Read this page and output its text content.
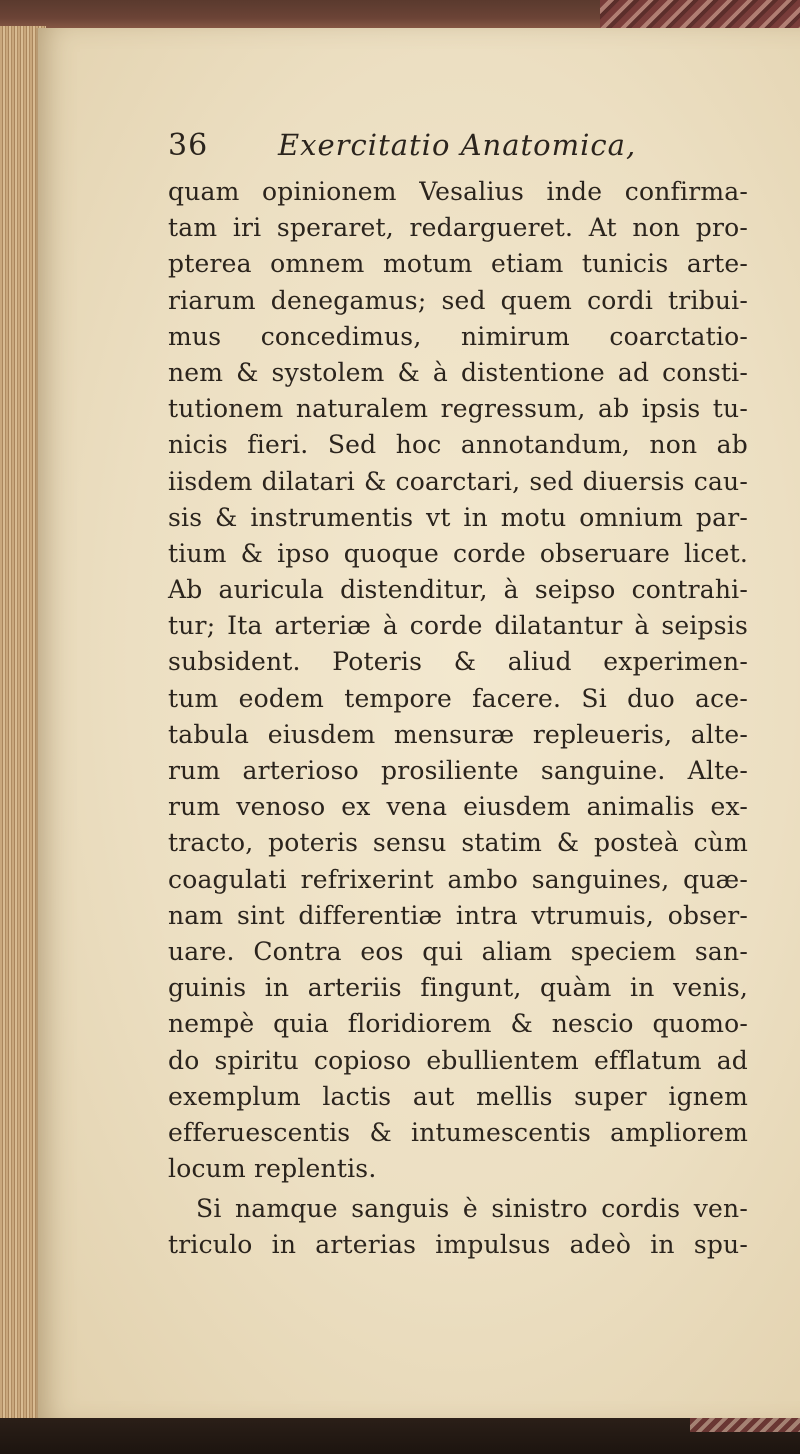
36	Exercitatio Anatomica,
quam opinionem Vesalius inde confirma-
tam iri speraret, redargueret. At non pro-
pterea omnem motum etiam tunicis arte-
riarum denegamus; sed quem cordi tribui-
mus concedimus, nimirum coarctatio-
nem & systolem & à distentione ad consti-
tutionem naturalem regressum, ab ipsis tu-
nicis fieri. Sed hoc annotandum, non ab
iisdem dilatari & coarctari, sed diuersis cau-
sis & instrumentis vt in motu omnium par-
tium & ipso quoque corde obseruare licet.
Ab auricula distenditur, à seipso contrahi-
tur; Ita arteriæ à corde dilatantur à seipsis
subsident. Poteris & aliud experimen-
tum eodem tempore facere. Si duo ace-
tabula eiusdem mensuræ repleueris, alte-
rum arterioso prosiliente sanguine. Alte-
rum venoso ex vena eiusdem animalis ex-
tracto, poteris sensu statim & posteà cùm
coagulati refrixerint ambo sanguines, quæ-
nam sint differentiæ intra vtrumuis, obser-
uare. Contra eos qui aliam speciem san-
guinis in arteriis fingunt, quàm in venis,
nempè quia floridiorem & nescio quomo-
do spiritu copioso ebullientem efflatum ad
exemplum lactis aut mellis super ignem
efferuescentis & intumescentis ampliorem
locum replentis.
Si namque sanguis è sinistro cordis ven-
triculo in arterias impulsus adeò in spu-
